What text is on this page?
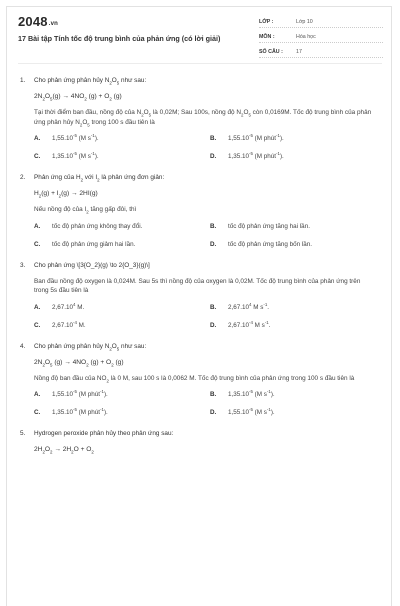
2048.vn
17 Bài tập Tính tốc độ trung bình của phản ứng (có lời giải)
LỚP :	Lớp 10
MÔN :	Hóa học
SỐ CÂU :	17
1.	Cho phản ứng phân hủy $N_2O_5$ như sau:
$2N_2O_5(g) \to 4NO_2$ $(g) + O_2$ (g)
Tại thời điểm ban đầu, nồng độ của $N_2O_5$ là 0,02M; Sau 100s, nồng độ $N_2O_5$ còn 0,0169M. Tốc độ trung bình của phản ứng phân hủy $N_2O_5$ trong 100 s đầu tiên là
A.	$1,55.10^{-5}$ (M $s^{-1}$).	B.	$1,55.10^{-5}$ (M phút$^{-1}$).
C.	$1,35.10^{-5}$ (M $s^{-1}$).	D.	$1,35.10^{-5}$ (M phút$^{-1}$).
2.	Phản ứng của $H_2$ với $I_2$ là phản ứng đơn giản:
$H_2(g) + I_2(g) \to 2HI(g)$
Nếu nồng độ của $I_2$ tăng gấp đôi, thì
A.	tốc độ phản ứng không thay đổi.	B.	tốc độ phản ứng tăng hai lần.
C.	tốc độ phản ứng giảm hai lần.	D.	tốc độ phản ứng tăng bốn lần.
3.	Cho phản ứng \[3{O_2}(g) \to 2{O_3}(g)\]
Ban đầu nồng độ oxygen là 0,024M. Sau 5s thì nồng độ của oxygen là 0,02M. Tốc độ trung bình của phản ứng trên trong 5s đầu tiên là
A.	2,67.10$^4$ M.	B.	2,67.10$^4$ M $s^{-1}$.
C.	$2,67.10^{-4}$ M.	D.	$2,67.10^{-4}$ M $s^{-1}$.
4.	Cho phản ứng phân hủy $N_2O_5$ như sau:
$2N_2O_5$ $(g) \to 4NO_2$ $(g) + O_2$ (g)
Nồng độ ban đầu của $NO_2$ là 0 M, sau 100 s là 0,0062 M. Tốc độ trung bình của phản ứng trong 100 s đầu tiên là
A.	$1,55.10^{-5}$ (M phút$^{-1}$).	B.	$1,35.10^{-5}$ (M $s^{-1}$).
C.	$1,35.10^{-5}$ (M phút$^{-1}$).	D.	$1,55.10^{-5}$ (M $s^{-1}$).
5.	Hydrogen peroxide phân hủy theo phản ứng sau:
$2H_2O_2 \to 2H_2O + O_2$
